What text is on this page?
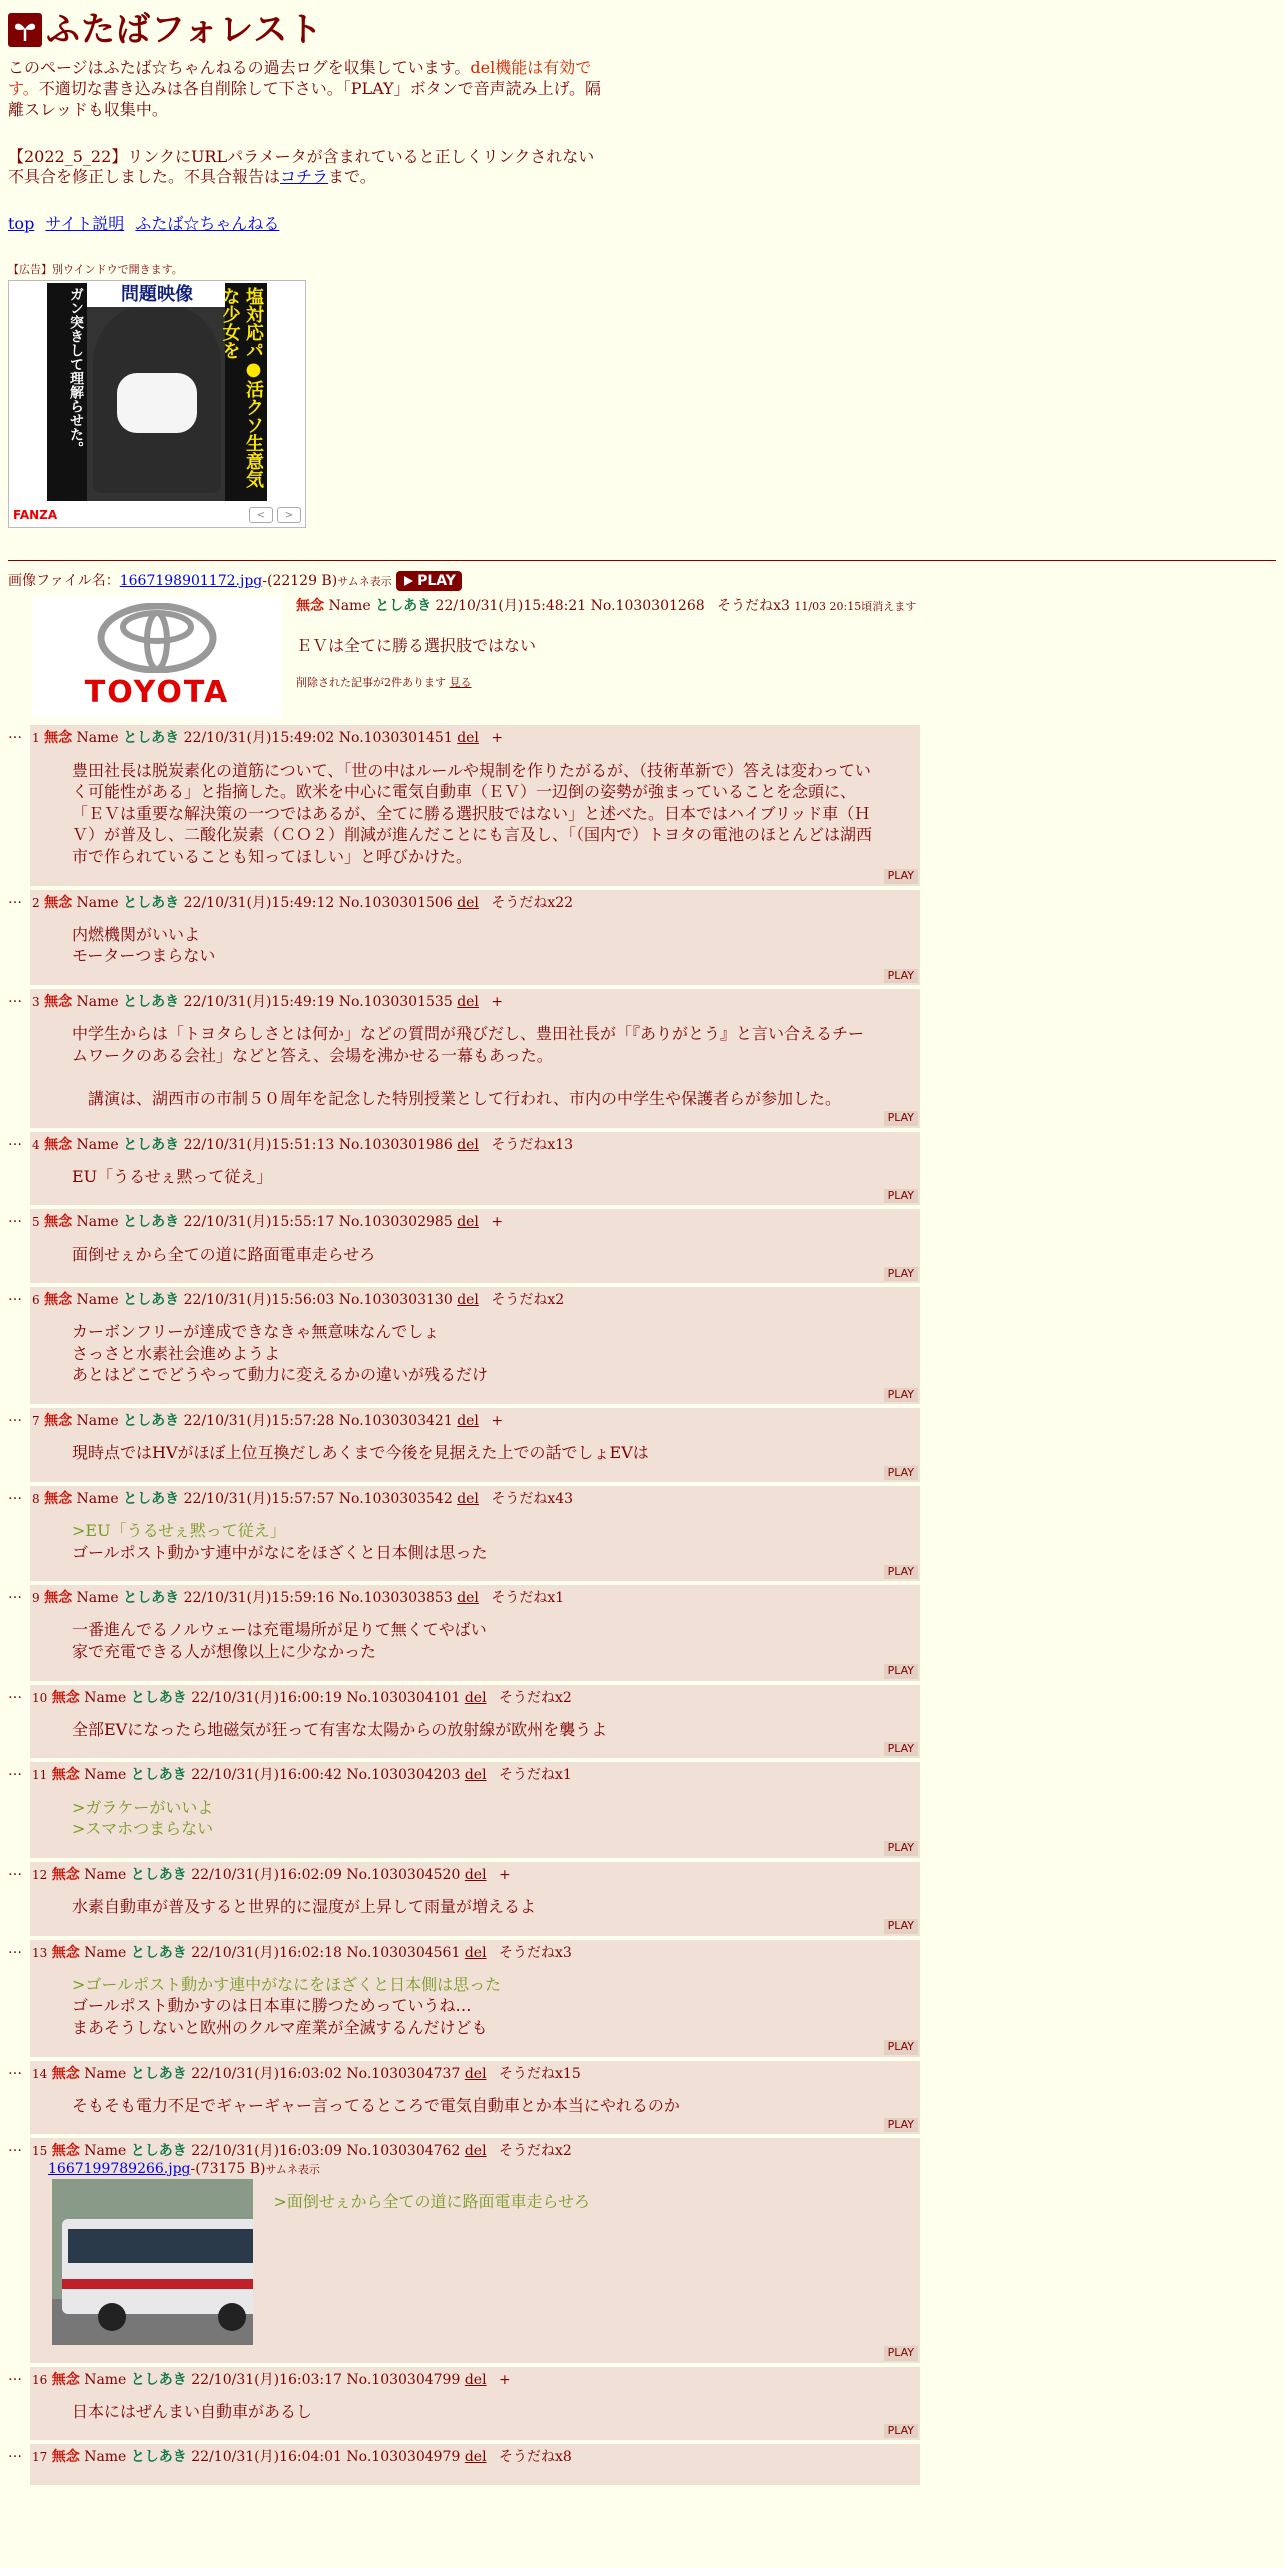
ふたばフォレスト
このページはふたば☆ちゃんねるの過去ログを収集しています。del機能は有効です。不適切な書き込みは各自削除して下さい。「PLAY」ボタンで音声読み上げ。隔離スレッドも収集中。
【2022_5_22】リンクにURLパラメータが含まれていると正しくリンクされない不具合を修正しました。不具合報告はコチラまで。
top サイト説明 ふたば☆ちゃんねる
【広告】別ウインドウで開きます。
問題映像
ガン突きして理解らせた。	塩対応パ●活クソ生意気な少女を
FANZA	<	>
画像ファイル名：1667198901172.jpg-(22129 B)サムネ表示 PLAY
TOYOTA
無念 Name としあき 22/10/31(月)15:48:21 No.1030301268 そうだねx3 11/03 20:15頃消えます
ＥＶは全てに勝る選択肢ではない
削除された記事が2件あります 見る
… 1 無念 Name としあき 22/10/31(月)15:49:02 No.1030301451 del +
豊田社長は脱炭素化の道筋について、「世の中はルールや規制を作りたがるが、（技術革新で）答えは変わっていく可能性がある」と指摘した。欧米を中心に電気自動車（ＥＶ）一辺倒の姿勢が強まっていることを念頭に、「ＥＶは重要な解決策の一つではあるが、全てに勝る選択肢ではない」と述べた。日本ではハイブリッド車（ＨＶ）が普及し、二酸化炭素（ＣＯ２）削減が進んだことにも言及し、「（国内で）トヨタの電池のほとんどは湖西市で作られていることも知ってほしい」と呼びかけた。
PLAY
… 2 無念 Name としあき 22/10/31(月)15:49:12 No.1030301506 del そうだねx22
内燃機関がいいよ
モーターつまらない
PLAY
… 3 無念 Name としあき 22/10/31(月)15:49:19 No.1030301535 del +
中学生からは「トヨタらしさとは何か」などの質問が飛びだし、豊田社長が「『ありがとう』と言い合えるチームワークのある会社」などと答え、会場を沸かせる一幕もあった。

　講演は、湖西市の市制５０周年を記念した特別授業として行われ、市内の中学生や保護者らが参加した。
PLAY
… 4 無念 Name としあき 22/10/31(月)15:51:13 No.1030301986 del そうだねx13
EU「うるせぇ黙って従え」
PLAY
… 5 無念 Name としあき 22/10/31(月)15:55:17 No.1030302985 del +
面倒せぇから全ての道に路面電車走らせろ
PLAY
… 6 無念 Name としあき 22/10/31(月)15:56:03 No.1030303130 del そうだねx2
カーボンフリーが達成できなきゃ無意味なんでしょ
さっさと水素社会進めようよ
あとはどこでどうやって動力に変えるかの違いが残るだけ
PLAY
… 7 無念 Name としあき 22/10/31(月)15:57:28 No.1030303421 del +
現時点ではHVがほぼ上位互換だしあくまで今後を見据えた上での話でしょEVは
PLAY
… 8 無念 Name としあき 22/10/31(月)15:57:57 No.1030303542 del そうだねx43
>EU「うるせぇ黙って従え」
ゴールポスト動かす連中がなにをほざくと日本側は思った
PLAY
… 9 無念 Name としあき 22/10/31(月)15:59:16 No.1030303853 del そうだねx1
一番進んでるノルウェーは充電場所が足りて無くてやばい
家で充電できる人が想像以上に少なかった
PLAY
… 10 無念 Name としあき 22/10/31(月)16:00:19 No.1030304101 del そうだねx2
全部EVになったら地磁気が狂って有害な太陽からの放射線が欧州を襲うよ
PLAY
… 11 無念 Name としあき 22/10/31(月)16:00:42 No.1030304203 del そうだねx1
>ガラケーがいいよ
>スマホつまらない
PLAY
… 12 無念 Name としあき 22/10/31(月)16:02:09 No.1030304520 del +
水素自動車が普及すると世界的に湿度が上昇して雨量が増えるよ
PLAY
… 13 無念 Name としあき 22/10/31(月)16:02:18 No.1030304561 del そうだねx3
>ゴールポスト動かす連中がなにをほざくと日本側は思った
ゴールポスト動かすのは日本車に勝つためっていうね…
まあそうしないと欧州のクルマ産業が全滅するんだけども
PLAY
… 14 無念 Name としあき 22/10/31(月)16:03:02 No.1030304737 del そうだねx15
そもそも電力不足でギャーギャー言ってるところで電気自動車とか本当にやれるのか
PLAY
… 15 無念 Name としあき 22/10/31(月)16:03:09 No.1030304762 del そうだねx2
1667199789266.jpg-(73175 B)サムネ表示
>面倒せぇから全ての道に路面電車走らせろ
PLAY
… 16 無念 Name としあき 22/10/31(月)16:03:17 No.1030304799 del +
日本にはぜんまい自動車があるし
PLAY
… 17 無念 Name としあき 22/10/31(月)16:04:01 No.1030304979 del そうだねx8
